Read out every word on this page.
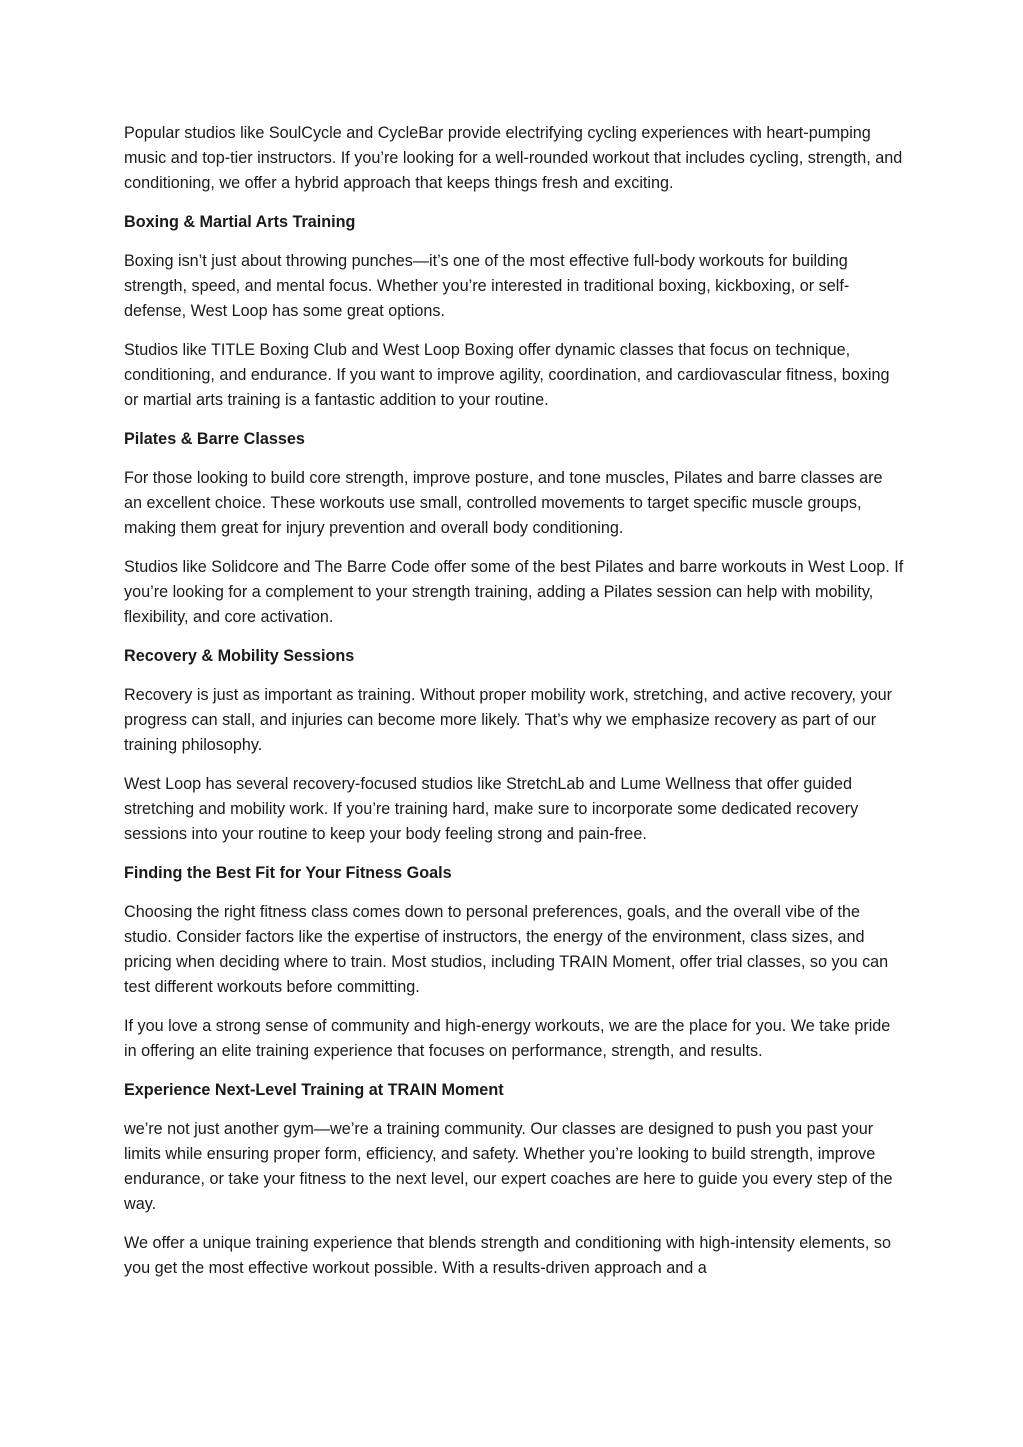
Popular studios like SoulCycle and CycleBar provide electrifying cycling experiences with heart-pumping music and top-tier instructors. If you’re looking for a well-rounded workout that includes cycling, strength, and conditioning, we offer a hybrid approach that keeps things fresh and exciting.

Boxing & Martial Arts Training

Boxing isn’t just about throwing punches—it’s one of the most effective full-body workouts for building strength, speed, and mental focus. Whether you’re interested in traditional boxing, kickboxing, or self-defense, West Loop has some great options.

Studios like TITLE Boxing Club and West Loop Boxing offer dynamic classes that focus on technique, conditioning, and endurance. If you want to improve agility, coordination, and cardiovascular fitness, boxing or martial arts training is a fantastic addition to your routine.

Pilates & Barre Classes

For those looking to build core strength, improve posture, and tone muscles, Pilates and barre classes are an excellent choice. These workouts use small, controlled movements to target specific muscle groups, making them great for injury prevention and overall body conditioning.

Studios like Solidcore and The Barre Code offer some of the best Pilates and barre workouts in West Loop. If you’re looking for a complement to your strength training, adding a Pilates session can help with mobility, flexibility, and core activation.

Recovery & Mobility Sessions

Recovery is just as important as training. Without proper mobility work, stretching, and active recovery, your progress can stall, and injuries can become more likely. That’s why we emphasize recovery as part of our training philosophy.

West Loop has several recovery-focused studios like StretchLab and Lume Wellness that offer guided stretching and mobility work. If you’re training hard, make sure to incorporate some dedicated recovery sessions into your routine to keep your body feeling strong and pain-free.

Finding the Best Fit for Your Fitness Goals

Choosing the right fitness class comes down to personal preferences, goals, and the overall vibe of the studio. Consider factors like the expertise of instructors, the energy of the environment, class sizes, and pricing when deciding where to train. Most studios, including TRAIN Moment, offer trial classes, so you can test different workouts before committing.

If you love a strong sense of community and high-energy workouts, we are the place for you. We take pride in offering an elite training experience that focuses on performance, strength, and results.

Experience Next-Level Training at TRAIN Moment

we’re not just another gym—we’re a training community. Our classes are designed to push you past your limits while ensuring proper form, efficiency, and safety. Whether you’re looking to build strength, improve endurance, or take your fitness to the next level, our expert coaches are here to guide you every step of the way.

We offer a unique training experience that blends strength and conditioning with high-intensity elements, so you get the most effective workout possible. With a results-driven approach and a
